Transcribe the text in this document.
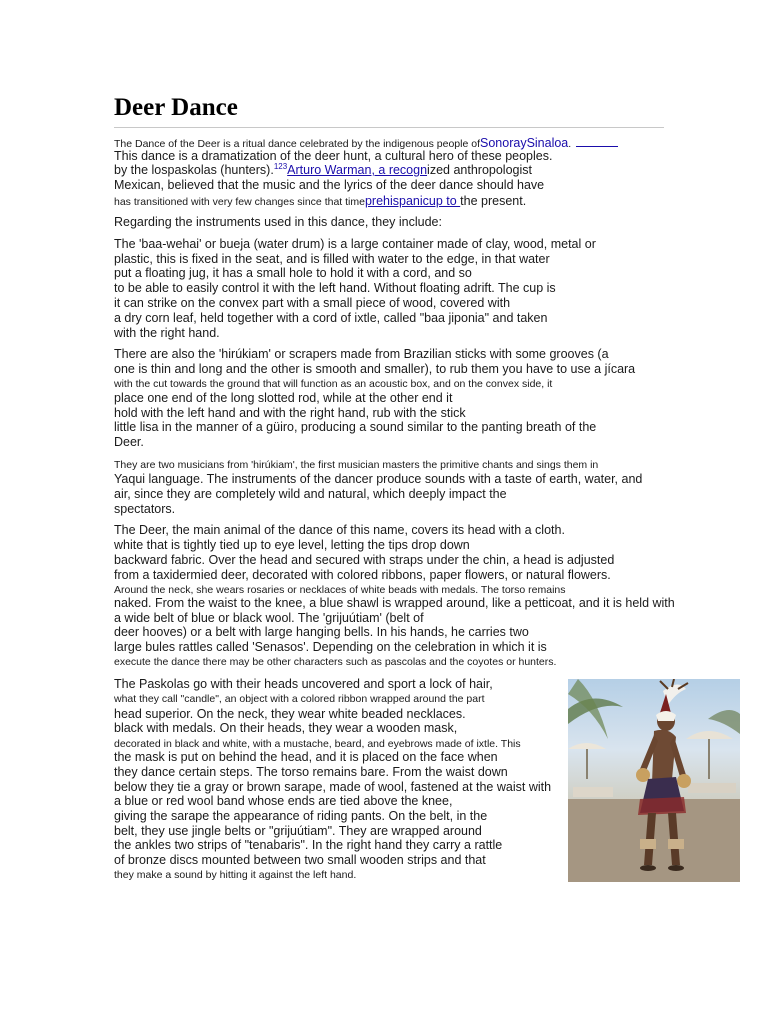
Deer Dance
The Dance of the Deer is a ritual dance celebrated by the indigenous people ofSonoraySinaloa.
This dance is a dramatization of the deer hunt, a cultural hero of these peoples.
by the lospaskolas (hunters).$^{123}$Arturo Warman, a recognized anthropologist
Mexican, believed that the music and the lyrics of the deer dance should have
has transitioned with very few changes since that timeprehispanicup to the present.
Regarding the instruments used in this dance, they include:
The 'baa-wehai' or bueja (water drum) is a large container made of clay, wood, metal or
plastic, this is fixed in the seat, and is filled with water to the edge, in that water
put a floating jug, it has a small hole to hold it with a cord, and so
to be able to easily control it with the left hand. Without floating adrift. The cup is
it can strike on the convex part with a small piece of wood, covered with
a dry corn leaf, held together with a cord of ixtle, called "baa jiponia" and taken
with the right hand.
There are also the 'hirúkiam' or scrapers made from Brazilian sticks with some grooves (a
one is thin and long and the other is smooth and smaller), to rub them you have to use a jícara
with the cut towards the ground that will function as an acoustic box, and on the convex side, it
place one end of the long slotted rod, while at the other end it
hold with the left hand and with the right hand, rub with the stick
little lisa in the manner of a güiro, producing a sound similar to the panting breath of the
Deer.
They are two musicians from 'hirúkiam', the first musician masters the primitive chants and sings them in
Yaqui language. The instruments of the dancer produce sounds with a taste of earth, water, and
air, since they are completely wild and natural, which deeply impact the
spectators.
The Deer, the main animal of the dance of this name, covers its head with a cloth.
white that is tightly tied up to eye level, letting the tips drop down
backward fabric. Over the head and secured with straps under the chin, a head is adjusted
from a taxidermied deer, decorated with colored ribbons, paper flowers, or natural flowers.
Around the neck, she wears rosaries or necklaces of white beads with medals. The torso remains
naked. From the waist to the knee, a blue shawl is wrapped around, like a petticoat, and it is held with
a wide belt of blue or black wool. The 'grijuútiam' (belt of
deer hooves) or a belt with large hanging bells. In his hands, he carries two
large bules rattles called 'Senasos'. Depending on the celebration in which it is
execute the dance there may be other characters such as pascolas and the coyotes or hunters.
The Paskolas go with their heads uncovered and sport a lock of hair,
what they call "candle", an object with a colored ribbon wrapped around the part
head superior. On the neck, they wear white beaded necklaces.
black with medals. On their heads, they wear a wooden mask,
decorated in black and white, with a mustache, beard, and eyebrows made of ixtle. This
the mask is put on behind the head, and it is placed on the face when
they dance certain steps. The torso remains bare. From the waist down
below they tie a gray or brown sarape, made of wool, fastened at the waist with
a blue or red wool band whose ends are tied above the knee,
giving the sarape the appearance of riding pants. On the belt, in the
belt, they use jingle belts or "grijuútiam". They are wrapped around
the ankles two strips of "tenabaris". In the right hand they carry a rattle
of bronze discs mounted between two small wooden strips and that
they make a sound by hitting it against the left hand.
